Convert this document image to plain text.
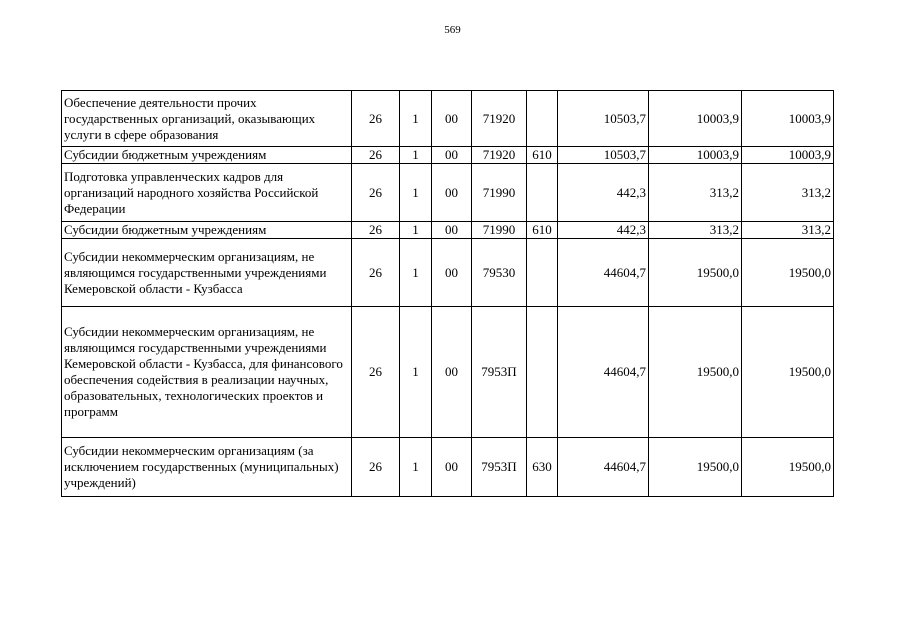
569
Обеспечение деятельности прочих государственных организаций, оказывающих услуги в сфере образования	26	1	00	71920		10503,7	10003,9	10003,9
Субсидии бюджетным учреждениям	26	1	00	71920	610	10503,7	10003,9	10003,9
Подготовка управленческих кадров для организаций народного хозяйства Российской Федерации	26	1	00	71990		442,3	313,2	313,2
Субсидии бюджетным учреждениям	26	1	00	71990	610	442,3	313,2	313,2
Субсидии некоммерческим организациям, не являющимся государственными учреждениями Кемеровской области - Кузбасса	26	1	00	79530		44604,7	19500,0	19500,0
Субсидии некоммерческим организациям, не являющимся государственными учреждениями Кемеровской области - Кузбасса, для финансового обеспечения содействия в реализации научных, образовательных, технологических проектов и программ	26	1	00	7953П		44604,7	19500,0	19500,0
Субсидии некоммерческим организациям (за исключением государственных (муниципальных) учреждений)	26	1	00	7953П	630	44604,7	19500,0	19500,0
